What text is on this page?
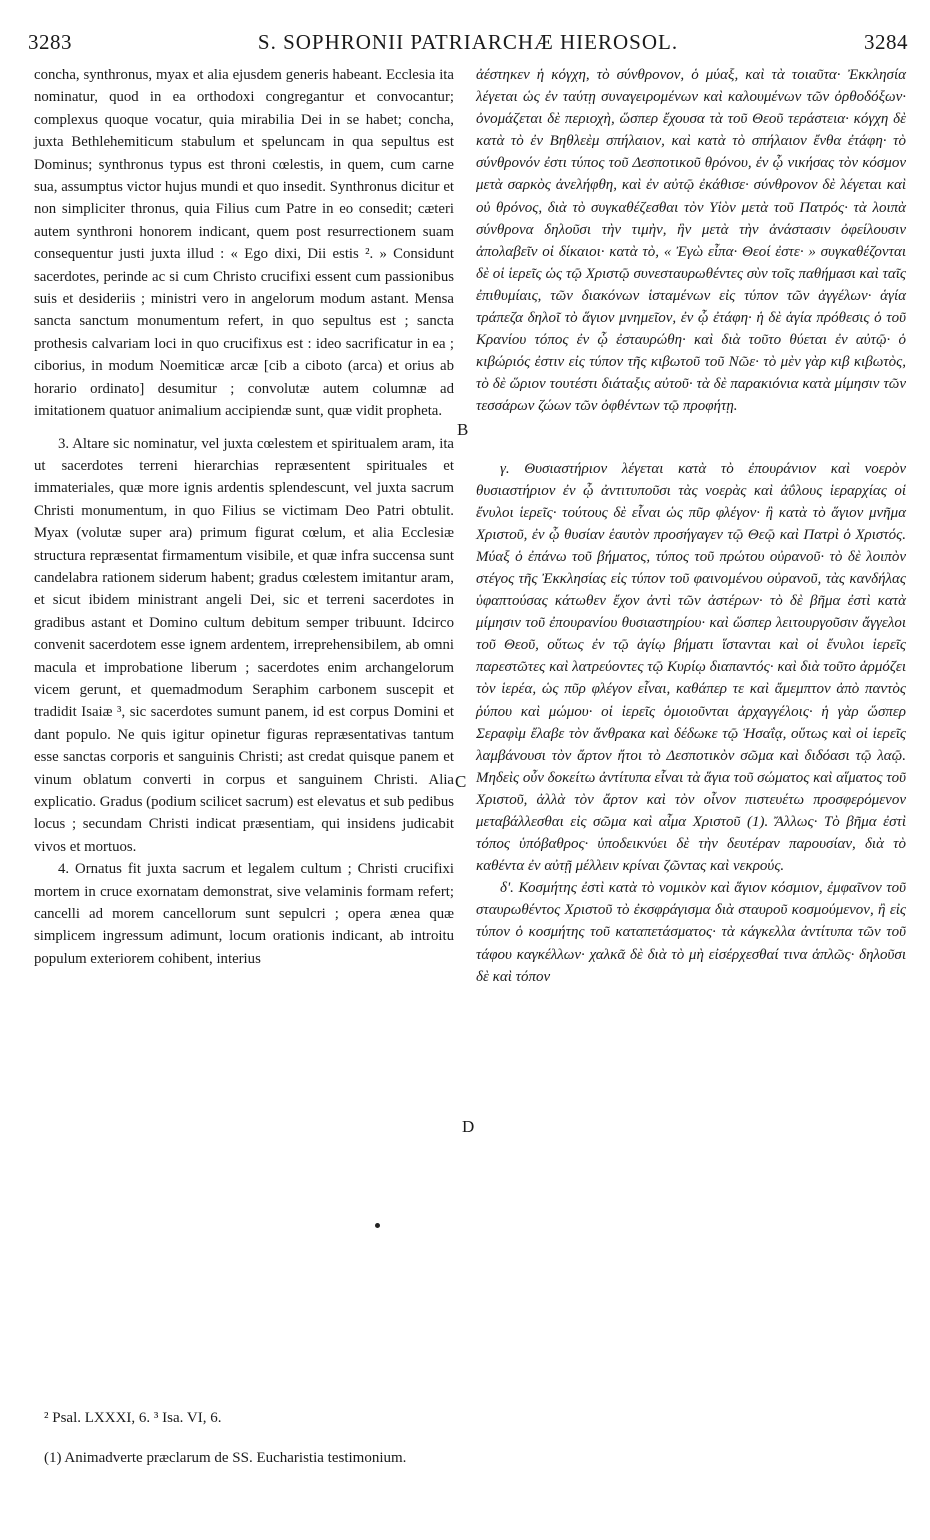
3283	S. SOPHRONII PATRIARCHÆ HIEROSOL.	3284

concha, synthronus, myax et alia ejusdem generis habeant. Ecclesia ita nominatur, quod in ea orthodoxi congregantur et convocantur; complexus quoque vocatur, quia mirabilia Dei in se habet; concha, juxta Bethlehemiticum stabulum et speluncam in qua sepultus est Dominus; synthronus typus est throni cœlestis, in quem, cum carne sua, assumptus victor hujus mundi et quo insedit. Synthronus dicitur et non simpliciter thronus, quia Filius cum Patre in eo consedit; cæteri autem synthroni honorem indicant, quem post resurrectionem suam consequentur justi juxta illud : « Ego dixi, Dii estis ². » Considunt sacerdotes, perinde ac si cum Christo crucifixi essent cum passionibus suis et desideriis ; ministri vero in angelorum modum astant. Mensa sancta sanctum monumentum refert, in quo sepultus est ; sancta prothesis calvariam loci in quo crucifixus est : ideo sacrificatur in ea ; ciborius, in modum Noemiticæ arcæ [cib a ciboto (arca) et orius ab horario ordinato] desumitur ; convolutæ autem columnæ ad imitationem quatuor animalium accipiendæ sunt, quæ vidit propheta.

3. Altare sic nominatur, vel juxta cœlestem et spiritualem aram, ita ut sacerdotes terreni hierarchias repræsentent spirituales et immateriales, quæ more ignis ardentis splendescunt, vel juxta sacrum Christi monumentum, in quo Filius se victimam Deo Patri obtulit. Myax (volutæ super ara) primum figurat cœlum, et alia Ecclesiæ structura repræsentat firmamentum visibile, et quæ infra succensa sunt candelabra rationem siderum habent; gradus cœlestem imitantur aram, et sicut ibidem ministrant angeli Dei, sic et terreni sacerdotes in gradibus astant et Domino cultum debitum semper tribuunt. Idcirco convenit sacerdotem esse ignem ardentem, irreprehensibilem, ab omni macula et improbatione liberum ; sacerdotes enim archangelorum vicem gerunt, et quemadmodum Seraphim carbonem suscepit et tradidit Isaiæ ³, sic sacerdotes sumunt panem, id est corpus Domini et dant populo. Ne quis igitur opinetur figuras repræsentativas tantum esse sanctas corporis et sanguinis Christi; ast credat quisque panem et vinum oblatum converti in corpus et sanguinem Christi. Alia explicatio. Gradus (podium scilicet sacrum) est elevatus et sub pedibus locus ; secundam Christi indicat præsentiam, qui insidens judicabit vivos et mortuos.

4. Ornatus fit juxta sacrum et legalem cultum ; Christi crucifixi mortem in cruce exornatam demonstrat, sive velaminis formam refert; cancelli ad morem cancellorum sunt sepulcri ; opera ænea quæ simplicem ingressum adimunt, locum orationis indicant, ab introitu populum exteriorem cohibent, interius

ἀέστηκεν ἡ κόγχη, τὸ σύνθρονον, ὁ μύαξ, καὶ τὰ τοιαῦτα· Ἐκκλησία λέγεται ὡς ἐν ταύτῃ συναγειρομένων καὶ καλουμένων τῶν ὀρθοδόξων· ὀνομάζεται δὲ περιοχὴ, ὥσπερ ἔχουσα τὰ τοῦ Θεοῦ τεράστεια· κόγχη δὲ κατὰ τὸ ἐν Βηθλεὲμ σπήλαιον, καὶ κατὰ τὸ σπήλαιον ἔνθα ἐτάφη· τὸ σύνθρονόν ἐστι τύπος τοῦ Δεσποτικοῦ θρόνου, ἐν ᾧ νικήσας τὸν κόσμον μετὰ σαρκὸς ἀνελήφθη, καὶ ἐν αὐτῷ ἐκάθισε· σύνθρονον δὲ λέγεται καὶ οὐ θρόνος, διὰ τὸ συγκαθέζεσθαι τὸν Υἱὸν μετὰ τοῦ Πατρός· τὰ λοιπὰ σύνθρονα δηλοῦσι τὴν τιμὴν, ἣν μετὰ τὴν ἀνάστασιν ὀφείλουσιν ἀπολαβεῖν οἱ δίκαιοι· κατὰ τὸ, « Ἐγὼ εἶπα· Θεοί ἐστε· » συγκαθέζονται δὲ οἱ ἱερεῖς ὡς τῷ Χριστῷ συνεσταυρωθέντες σὺν τοῖς παθήμασι καὶ ταῖς ἐπιθυμίαις, τῶν διακόνων ἱσταμένων εἰς τύπον τῶν ἀγγέλων· ἁγία τράπεζα δηλοῖ τὸ ἅγιον μνημεῖον, ἐν ᾧ ἐτάφη· ἡ δὲ ἁγία πρόθεσις ὁ τοῦ Κρανίου τόπος ἐν ᾧ ἐσταυρώθη· καὶ διὰ τοῦτο θύεται ἐν αὐτῷ· ὁ κιβώριός ἐστιν εἰς τύπον τῆς κιβωτοῦ τοῦ Νῶε· τὸ μὲν γὰρ κιβ κιβωτὸς, τὸ δὲ ὥριον τουτέστι διάταξις αὐτοῦ· τὰ δὲ παρακιόνια κατὰ μίμησιν τῶν τεσσάρων ζώων τῶν ὀφθέντων τῷ προφήτῃ.

γ. Θυσιαστήριον λέγεται κατὰ τὸ ἐπουράνιον καὶ νοερὸν θυσιαστήριον ἐν ᾧ ἀντιτυποῦσι τὰς νοερὰς καὶ ἀΰλους ἱεραρχίας οἱ ἔνυλοι ἱερεῖς· τούτους δὲ εἶναι ὡς πῦρ φλέγον· ἢ κατὰ τὸ ἅγιον μνῆμα Χριστοῦ, ἐν ᾧ θυσίαν ἑαυτὸν προσήγαγεν τῷ Θεῷ καὶ Πατρὶ ὁ Χριστός. Μύαξ ὁ ἐπάνω τοῦ βήματος, τύπος τοῦ πρώτου οὐρανοῦ· τὸ δὲ λοιπὸν στέγος τῆς Ἐκκλησίας εἰς τύπον τοῦ φαινομένου οὐρανοῦ, τὰς κανδήλας ὑφαπτούσας κάτωθεν ἔχον ἀντὶ τῶν ἀστέρων· τὸ δὲ βῆμα ἐστὶ κατὰ μίμησιν τοῦ ἐπουρανίου θυσιαστηρίου· καὶ ὥσπερ λειτουργοῦσιν ἄγγελοι τοῦ Θεοῦ, οὕτως ἐν τῷ ἁγίῳ βήματι ἵστανται καὶ οἱ ἔνυλοι ἱερεῖς παρεστῶτες καὶ λατρεύοντες τῷ Κυρίῳ διαπαντός· καὶ διὰ τοῦτο ἁρμόζει τὸν ἱερέα, ὡς πῦρ φλέγον εἶναι, καθάπερ τε καὶ ἄμεμπτον ἀπὸ παντὸς ῥύπου καὶ μώμου· οἱ ἱερεῖς ὁμοιοῦνται ἀρχαγγέλοις· ἡ γὰρ ὥσπερ Σεραφὶμ ἔλαβε τὸν ἄνθρακα καὶ δέδωκε τῷ Ἡσαΐᾳ, οὕτως καὶ οἱ ἱερεῖς λαμβάνουσι τὸν ἄρτον ἤτοι τὸ Δεσποτικὸν σῶμα καὶ διδόασι τῷ λαῷ. Μηδεὶς οὖν δοκείτω ἀντίτυπα εἶναι τὰ ἅγια τοῦ σώματος καὶ αἵματος τοῦ Χριστοῦ, ἀλλὰ τὸν ἄρτον καὶ τὸν οἶνον πιστευέτω προσφερόμενον μεταβάλλεσθαι εἰς σῶμα καὶ αἷμα Χριστοῦ (1). Ἄλλως· Τὸ βῆμα ἐστὶ τόπος ὑπόβαθρος· ὑποδεικνύει δὲ τὴν δευτέραν παρουσίαν, διὰ τὸ καθέντα ἐν αὐτῇ μέλλειν κρίναι ζῶντας καὶ νεκρούς.

δ'. Κοσμήτης ἐστὶ κατὰ τὸ νομικὸν καὶ ἅγιον κόσμιον, ἐμφαῖνον τοῦ σταυρωθέντος Χριστοῦ τὸ ἐκσφράγισμα διὰ σταυροῦ κοσμούμενον, ἢ εἰς τύπον ὁ κοσμήτης τοῦ καταπετάσματος· τὰ κάγκελλα ἀντίτυπα τῶν τοῦ τάφου καγκέλλων· χαλκᾶ δὲ διὰ τὸ μὴ εἰσέρχεσθαί τινα ἁπλῶς· δηλοῦσι δὲ καὶ τόπον

B
C
D
² Psal. LXXXI, 6. ³ Isa. VI, 6.
(1) Animadverte præclarum de SS. Eucharistia testimonium.
